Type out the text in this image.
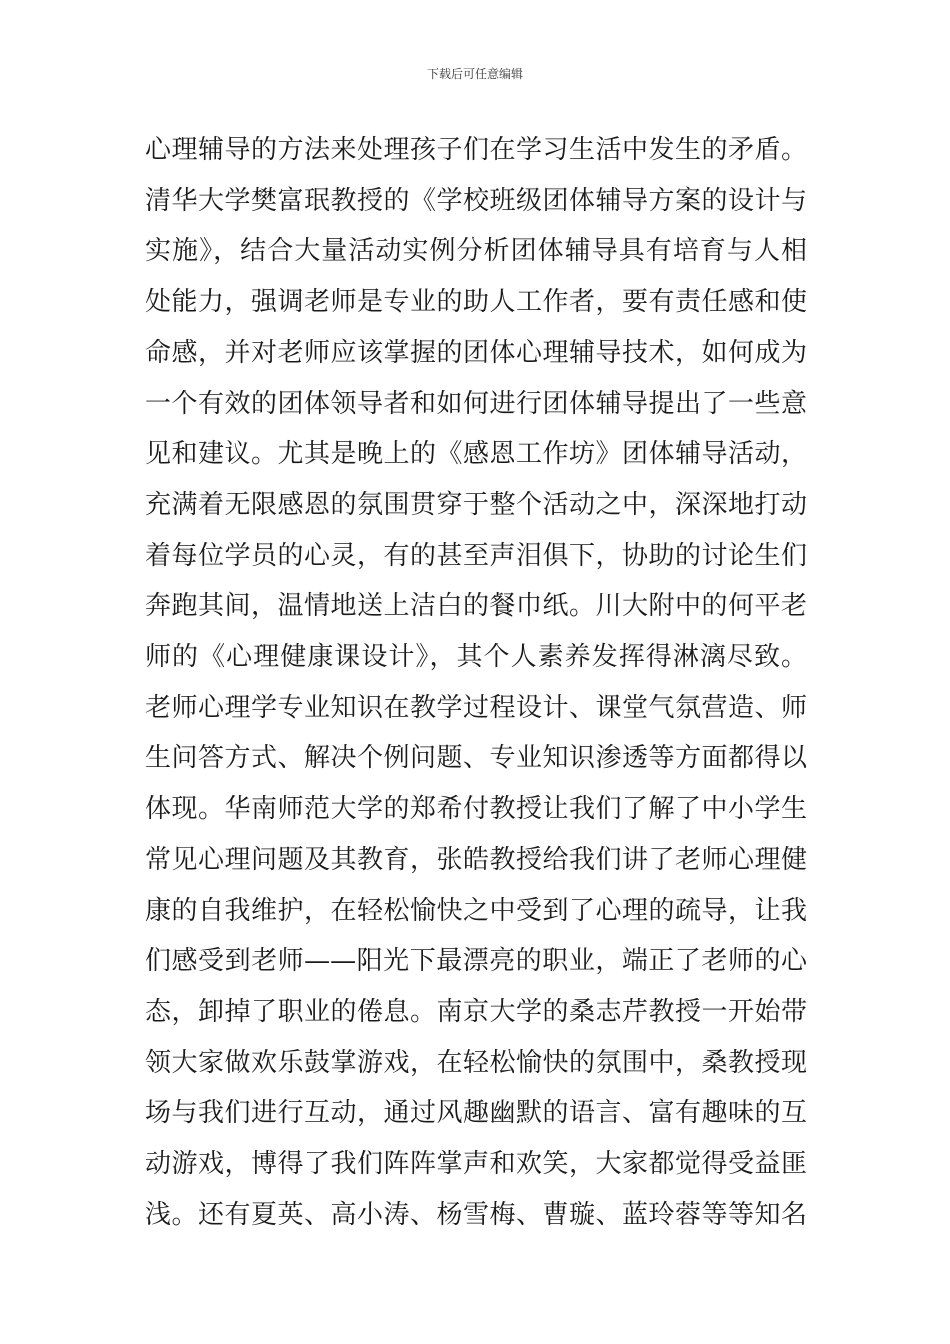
下载后可任意编辑
心理辅导的方法来处理孩子们在学习生活中发生的矛盾。
清华大学樊富珉教授的《学校班级团体辅导方案的设计与
实施》，结合大量活动实例分析团体辅导具有培育与人相
处能力，强调老师是专业的助人工作者，要有责任感和使
命感，并对老师应该掌握的团体心理辅导技术，如何成为
一个有效的团体领导者和如何进行团体辅导提出了一些意
见和建议。尤其是晚上的《感恩工作坊》团体辅导活动，
充满着无限感恩的氛围贯穿于整个活动之中，深深地打动
着每位学员的心灵，有的甚至声泪俱下，协助的讨论生们
奔跑其间，温情地送上洁白的餐巾纸。川大附中的何平老
师的《心理健康课设计》，其个人素养发挥得淋漓尽致。
老师心理学专业知识在教学过程设计、课堂气氛营造、师
生问答方式、解决个例问题、专业知识渗透等方面都得以
体现。华南师范大学的郑希付教授让我们了解了中小学生
常见心理问题及其教育，张皓教授给我们讲了老师心理健
康的自我维护，在轻松愉快之中受到了心理的疏导，让我
们感受到老师——阳光下最漂亮的职业，端正了老师的心
态，卸掉了职业的倦息。南京大学的桑志芹教授一开始带
领大家做欢乐鼓掌游戏，在轻松愉快的氛围中，桑教授现
场与我们进行互动，通过风趣幽默的语言、富有趣味的互
动游戏，博得了我们阵阵掌声和欢笑，大家都觉得受益匪
浅。还有夏英、高小涛、杨雪梅、曹璇、蓝玲蓉等等知名
